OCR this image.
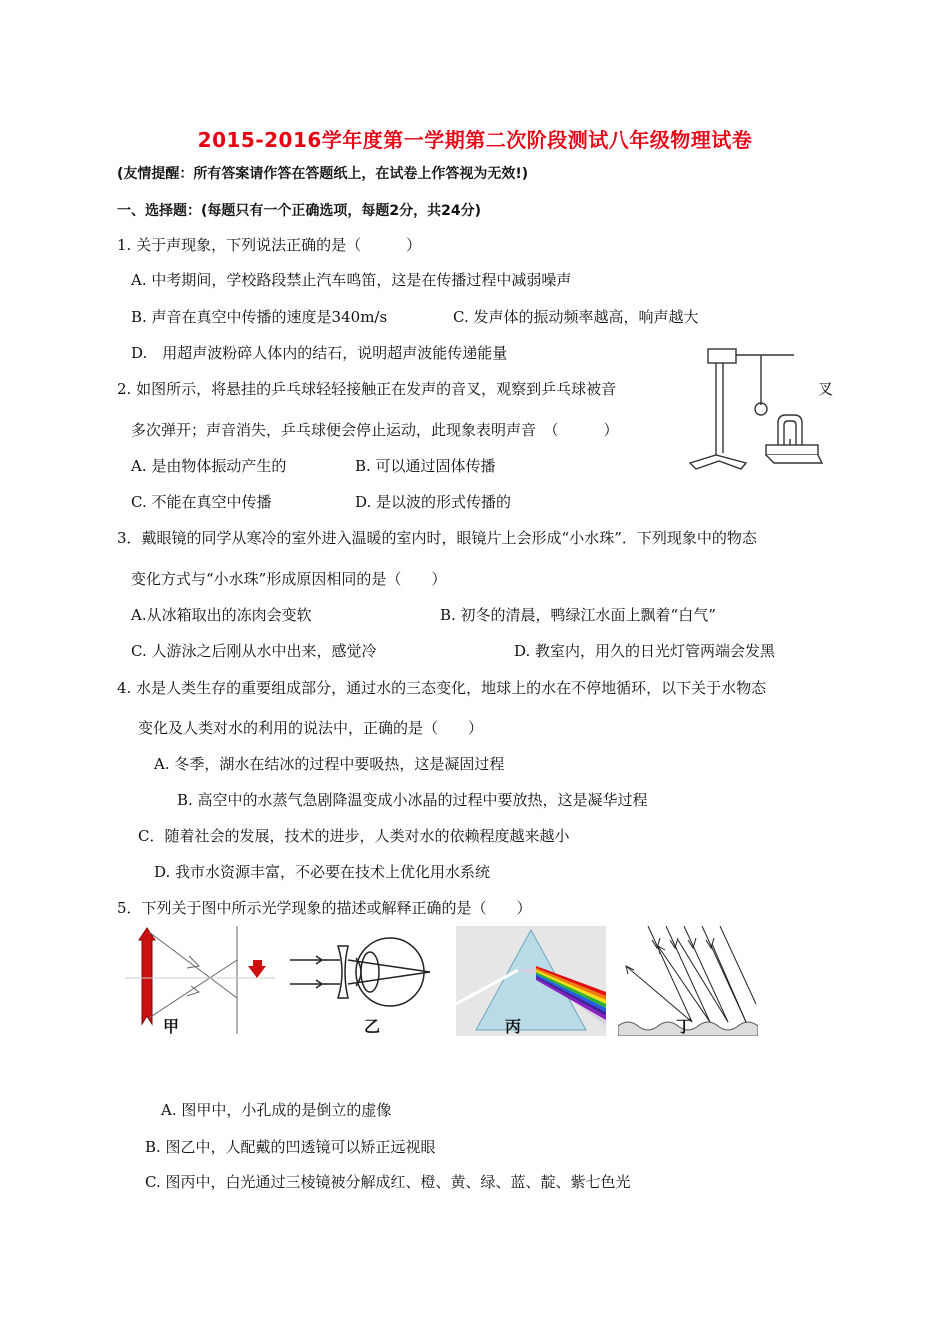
2015-2016学年度第一学期第二次阶段测试八年级物理试卷
(友情提醒：所有答案请作答在答题纸上，在试卷上作答视为无效!)
一、选择题：(每题只有一个正确选项，每题2分，共24分)
1. 关于声现象，下列说法正确的是（　　　）
A. 中考期间，学校路段禁止汽车鸣笛，这是在传播过程中减弱噪声
B. 声音在真空中传播的速度是340m/s	C. 发声体的振动频率越高，响声越大
D.　用超声波粉碎人体内的结石，说明超声波能传递能量
2. 如图所示，将悬挂的乒乓球轻轻接触正在发声的音叉，观察到乒乓球被音	叉
多次弹开；声音消失，乒乓球便会停止运动，此现象表明声音　（　　　）
A. 是由物体振动产生的	B. 可以通过固体传播
C. 不能在真空中传播	D. 是以波的形式传播的
3．戴眼镜的同学从寒冷的室外进入温暖的室内时，眼镜片上会形成“小水珠”．下列现象中的物态
变化方式与“小水珠”形成原因相同的是（　　）
A.从冰箱取出的冻肉会变软	B. 初冬的清晨，鸭绿江水面上飘着“白气”
C. 人游泳之后刚从水中出来，感觉冷	D. 教室内，用久的日光灯管两端会发黑
4. 水是人类生存的重要组成部分，通过水的三态变化，地球上的水在不停地循环，以下关于水物态
变化及人类对水的利用的说法中，正确的是（　　）
A. 冬季，湖水在结冰的过程中要吸热，这是凝固过程
B. 高空中的水蒸气急剧降温变成小冰晶的过程中要放热，这是凝华过程
C．随着社会的发展，技术的进步，人类对水的依赖程度越来越小
D. 我市水资源丰富，不必要在技术上优化用水系统
5．下列关于图中所示光学现象的描述或解释正确的是（　　）
甲	乙	丙	丁
A. 图甲中，小孔成的是倒立的虚像
B. 图乙中，人配戴的凹透镜可以矫正远视眼
C. 图丙中，白光通过三棱镜被分解成红、橙、黄、绿、蓝、靛、紫七色光
